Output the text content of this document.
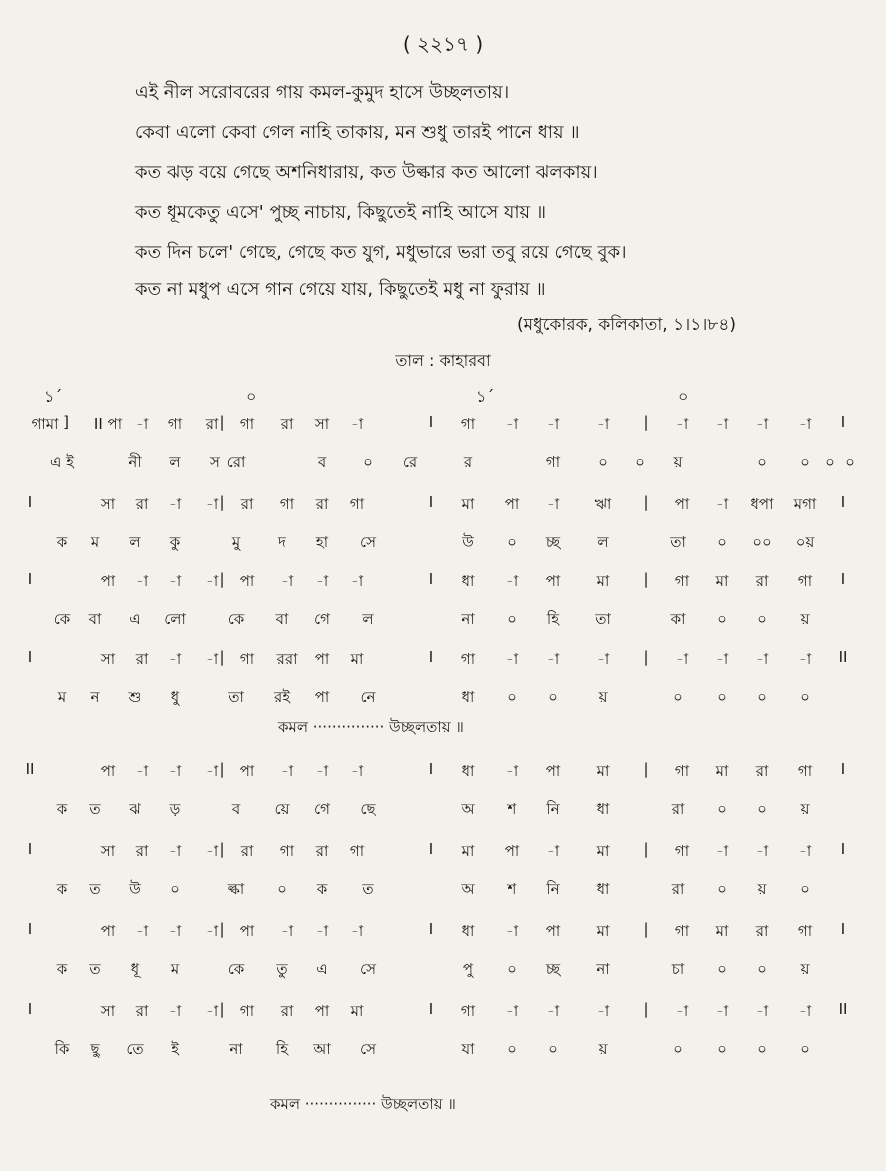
( ২২১৭ )
এই নীল সরোবরের গায় কমল-কুমুদ হাসে উচ্ছলতায়।
কেবা এলো কেবা গেল নাহি তাকায়, মন শুধু তারই পানে ধায় ॥
কত ঝড় বয়ে গেছে অশনিধারায়, কত উল্কার কত আলো ঝলকায়।
কত ধূমকেতু এসে' পুচ্ছ নাচায়, কিছুতেই নাহি আসে যায় ॥
কত দিন চলে' গেছে, গেছে কত যুগ, মধুভারে ভরা তবু রয়ে গেছে বুক।
কত না মধুপ এসে গান গেয়ে যায়, কিছুতেই মধু না ফুরায় ॥
(মধুকোরক, কলিকাতা, ১।১।৮৪)
তাল : কাহারবা
১´	০	১´	০
গামা ] II পা -া গা রা | গা রা সা -া	I গা -া -া	-া | -া -া -া -া I
এ ই	নী ল স রো	ব ০ রে	র	গা	০ ০ য়	০ ০ ০ ০
I	সা রা -া -া | রা গা রা গা	I মা পা -া ঋা | পা -া ধপা মগা I
ক ম ল কু	মু	দ হা সে	উ ০ চ্ছ ল	তা ০ ০০ ০য়
I	পা -া -া -া | পা -া -া -া	I ধা -া পা মা | গা মা রা গা I
কে বা এ লো	কে বা গে ল	না ০ হি তা	কা ০ ০ য়
I	সা রা -া -া | গা ররা পা মা	I গা -া -া	-া | -া -া -া -া II
ম ন শু ধু	তা রই পা নে	ধা ০ ০	য়	০ ০ ০ ০
II	পা -া -া -া | পা -া -া -া	I ধা -া পা মা | গা মা রা গা I
ক ত ঝ ড়	ব য়ে গে ছে	অ শ নি ধা	রা ০ ০ য়
I	সা রা -া -া | রা গা রা গা	I মা পা -া মা | গা -া -া -া I
ক ত উ ০	ল্কা ০ ক ত	অ শ নি ধা	রা ০ য় ০
I	পা -া -া -া | পা -া -া -া	I ধা -া পা মা | গা মা রা গা I
ক ত ধূ ম	কে তু এ সে	পু ০ চ্ছ না	চা ০ ০ য়
I	সা রা -া -া | গা রা পা মা	I গা -া -া	-া | -া -া -া -া II
কি ছু তে ই	না হি আ সে	যা ০ ০	য়	০ ০ ০ ০
কমল ··············· উচ্ছলতায় ॥
কমল ··············· উচ্ছলতায় ॥
